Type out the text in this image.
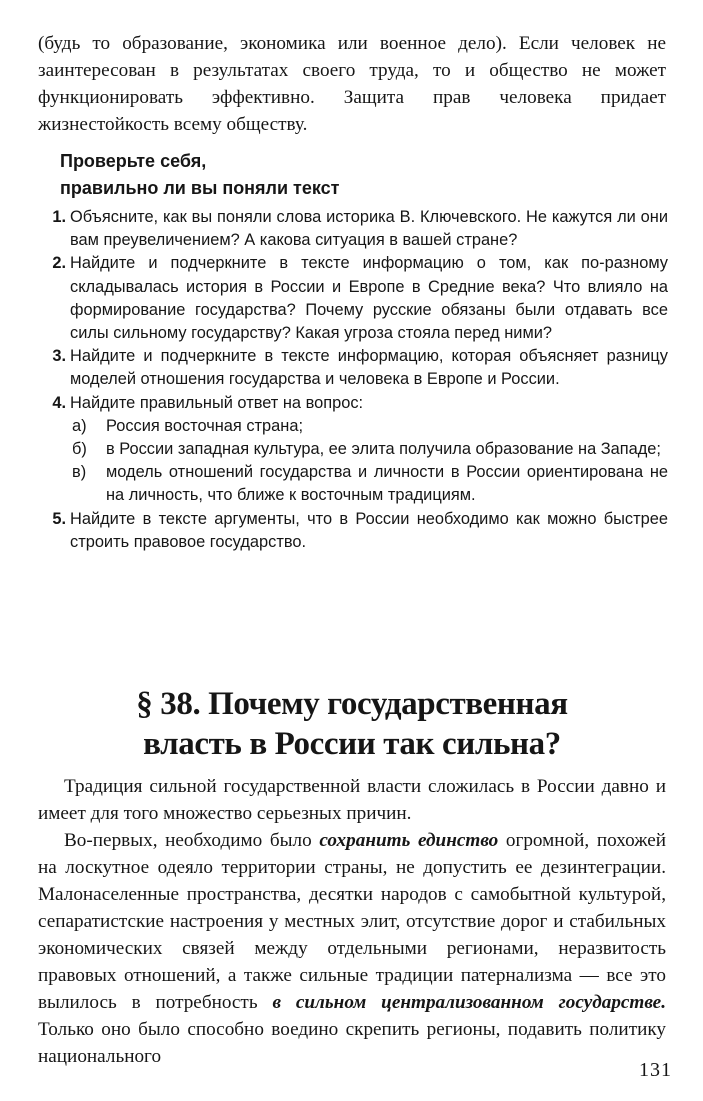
(будь то образование, экономика или военное дело). Если человек не заинтересован в результатах своего труда, то и общество не может функционировать эффективно. Защита прав человека придает жизнестойкость всему обществу.
Проверьте себя,
правильно ли вы поняли текст
1. Объясните, как вы поняли слова историка В. Ключевского. Не кажутся ли они вам преувеличением? А какова ситуация в вашей стране?
2. Найдите и подчеркните в тексте информацию о том, как по-разному складывалась история в России и Европе в Средние века? Что влияло на формирование государства? Почему русские обязаны были отдавать все силы сильному государству? Какая угроза стояла перед ними?
3. Найдите и подчеркните в тексте информацию, которая объясняет разницу моделей отношения государства и человека в Европе и России.
4. Найдите правильный ответ на вопрос:
а) Россия восточная страна;
б) в России западная культура, ее элита получила образование на Западе;
в) модель отношений государства и личности в России ориентирована не на личность, что ближе к восточным традициям.
5. Найдите в тексте аргументы, что в России необходимо как можно быстрее строить правовое государство.
§ 38. Почему государственная
власть в России так сильна?

Традиция сильной государственной власти сложилась в России давно и имеет для того множество серьезных причин.

Во-первых, необходимо было сохранить единство огромной, похожей на лоскутное одеяло территории страны, не допустить ее дезинтеграции. Малонаселенные пространства, десятки народов с самобытной культурой, сепаратистские настроения у местных элит, отсутствие дорог и стабильных экономических связей между отдельными регионами, неразвитость правовых отношений, а также сильные традиции патернализма — все это вылилось в потребность в сильном централизованном государстве. Только оно было способно воедино скрепить регионы, подавить политику национального

131
